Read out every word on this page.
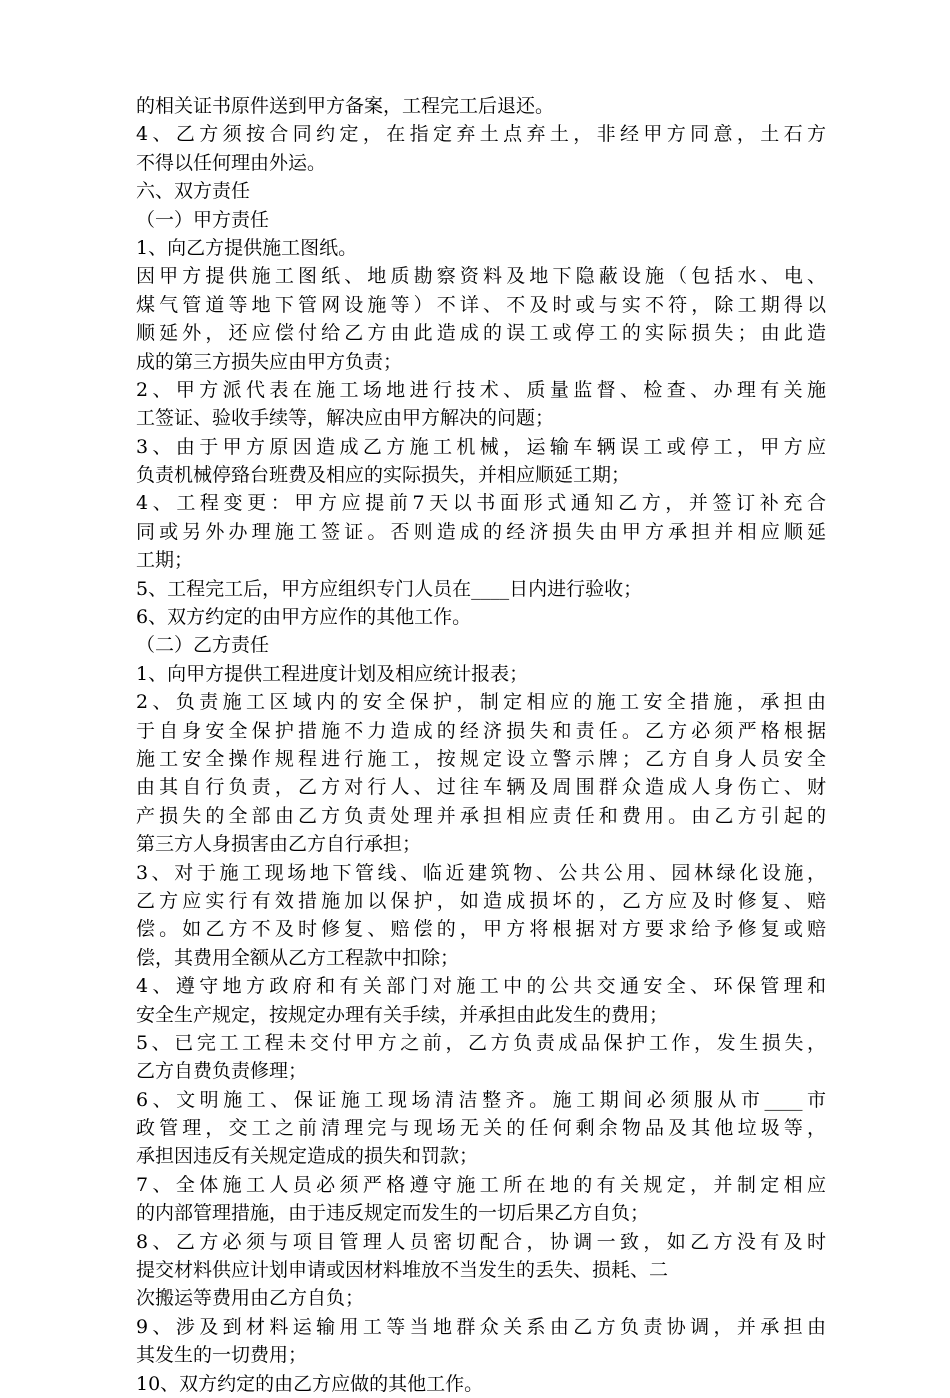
的相关证书原件送到甲方备案，工程完工后退还。
4、乙方须按合同约定，在指定弃土点弃土，非经甲方同意，土石方
不得以任何理由外运。
六、双方责任
（一）甲方责任
1、向乙方提供施工图纸。
因甲方提供施工图纸、地质勘察资料及地下隐蔽设施（包括水、电、
煤气管道等地下管网设施等）不详、不及时或与实不符，除工期得以
顺延外，还应偿付给乙方由此造成的误工或停工的实际损失；由此造
成的第三方损失应由甲方负责；
2、甲方派代表在施工场地进行技术、质量监督、检查、办理有关施
工签证、验收手续等，解决应由甲方解决的问题；
3、由于甲方原因造成乙方施工机械，运输车辆误工或停工，甲方应
负责机械停臵台班费及相应的实际损失，并相应顺延工期；
4、工程变更：甲方应提前7天以书面形式通知乙方，并签订补充合
同或另外办理施工签证。否则造成的经济损失由甲方承担并相应顺延
工期；
5、工程完工后，甲方应组织专门人员在____日内进行验收；
6、双方约定的由甲方应作的其他工作。
（二）乙方责任
1、向甲方提供工程进度计划及相应统计报表；
2、负责施工区域内的安全保护，制定相应的施工安全措施，承担由
于自身安全保护措施不力造成的经济损失和责任。乙方必须严格根据
施工安全操作规程进行施工，按规定设立警示牌；乙方自身人员安全
由其自行负责，乙方对行人、过往车辆及周围群众造成人身伤亡、财
产损失的全部由乙方负责处理并承担相应责任和费用。由乙方引起的
第三方人身损害由乙方自行承担；
3、对于施工现场地下管线、临近建筑物、公共公用、园林绿化设施，
乙方应实行有效措施加以保护，如造成损坏的，乙方应及时修复、赔
偿。如乙方不及时修复、赔偿的，甲方将根据对方要求给予修复或赔
偿，其费用全额从乙方工程款中扣除；
4、遵守地方政府和有关部门对施工中的公共交通安全、环保管理和
安全生产规定，按规定办理有关手续，并承担由此发生的费用；
5、已完工工程未交付甲方之前，乙方负责成品保护工作，发生损失，
乙方自费负责修理；
6、文明施工、保证施工现场清洁整齐。施工期间必须服从市____市
政管理，交工之前清理完与现场无关的任何剩余物品及其他垃圾等，
承担因违反有关规定造成的损失和罚款；
7、全体施工人员必须严格遵守施工所在地的有关规定，并制定相应
的内部管理措施，由于违反规定而发生的一切后果乙方自负；
8、乙方必须与项目管理人员密切配合，协调一致，如乙方没有及时
提交材料供应计划申请或因材料堆放不当发生的丢失、损耗、二
次搬运等费用由乙方自负；
9、涉及到材料运输用工等当地群众关系由乙方负责协调，并承担由
其发生的一切费用；
10、双方约定的由乙方应做的其他工作。
